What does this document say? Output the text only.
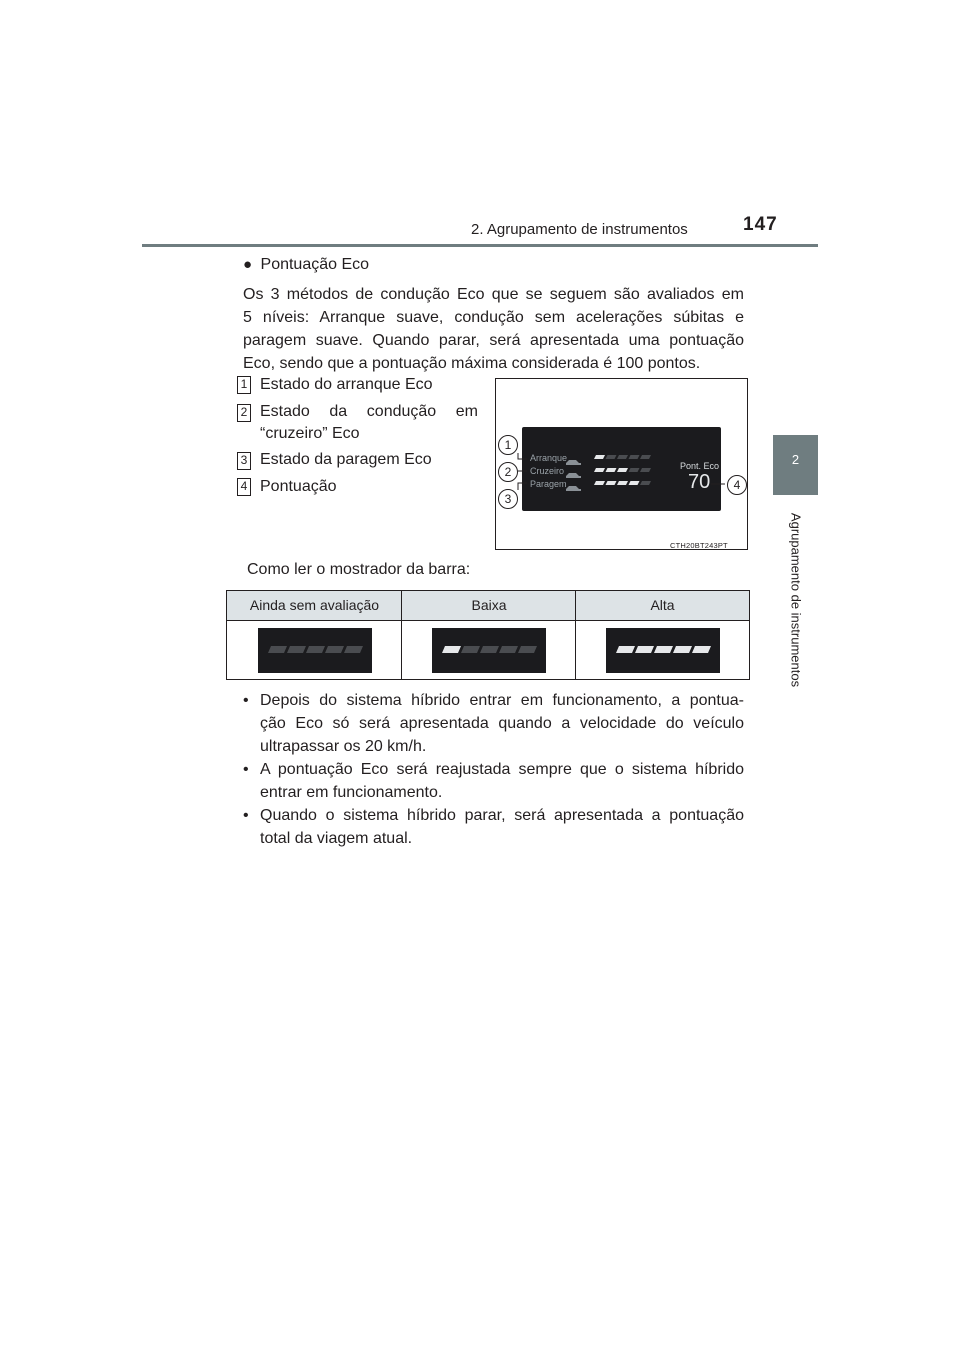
2. Agrupamento de instrumentos	147
2
Agrupamento de instrumentos
● Pontuação Eco
Os 3 métodos de condução Eco que se seguem são avaliados em
5 níveis: Arranque suave, condução sem acelerações súbitas e
paragem suave. Quando parar, será apresentada uma pontuação
Eco, sendo que a pontuação máxima considerada é 100 pontos.
1 Estado do arranque Eco
2 Estado da condução em
“cruzeiro” Eco
3 Estado da paragem Eco
4 Pontuação
Arranque
Cruzeiro
Paragem
Pont. Eco
70
1
2
3
4
CTH20BT243PT
Como ler o mostrador da barra:
Ainda sem avaliação	Baixa	Alta
• Depois do sistema híbrido entrar em funcionamento, a pontua-
ção Eco só será apresentada quando a velocidade do veículo
ultrapassar os 20 km/h.
• A pontuação Eco será reajustada sempre que o sistema híbrido
entrar em funcionamento.
• Quando o sistema híbrido parar, será apresentada a pontuação
total da viagem atual.
